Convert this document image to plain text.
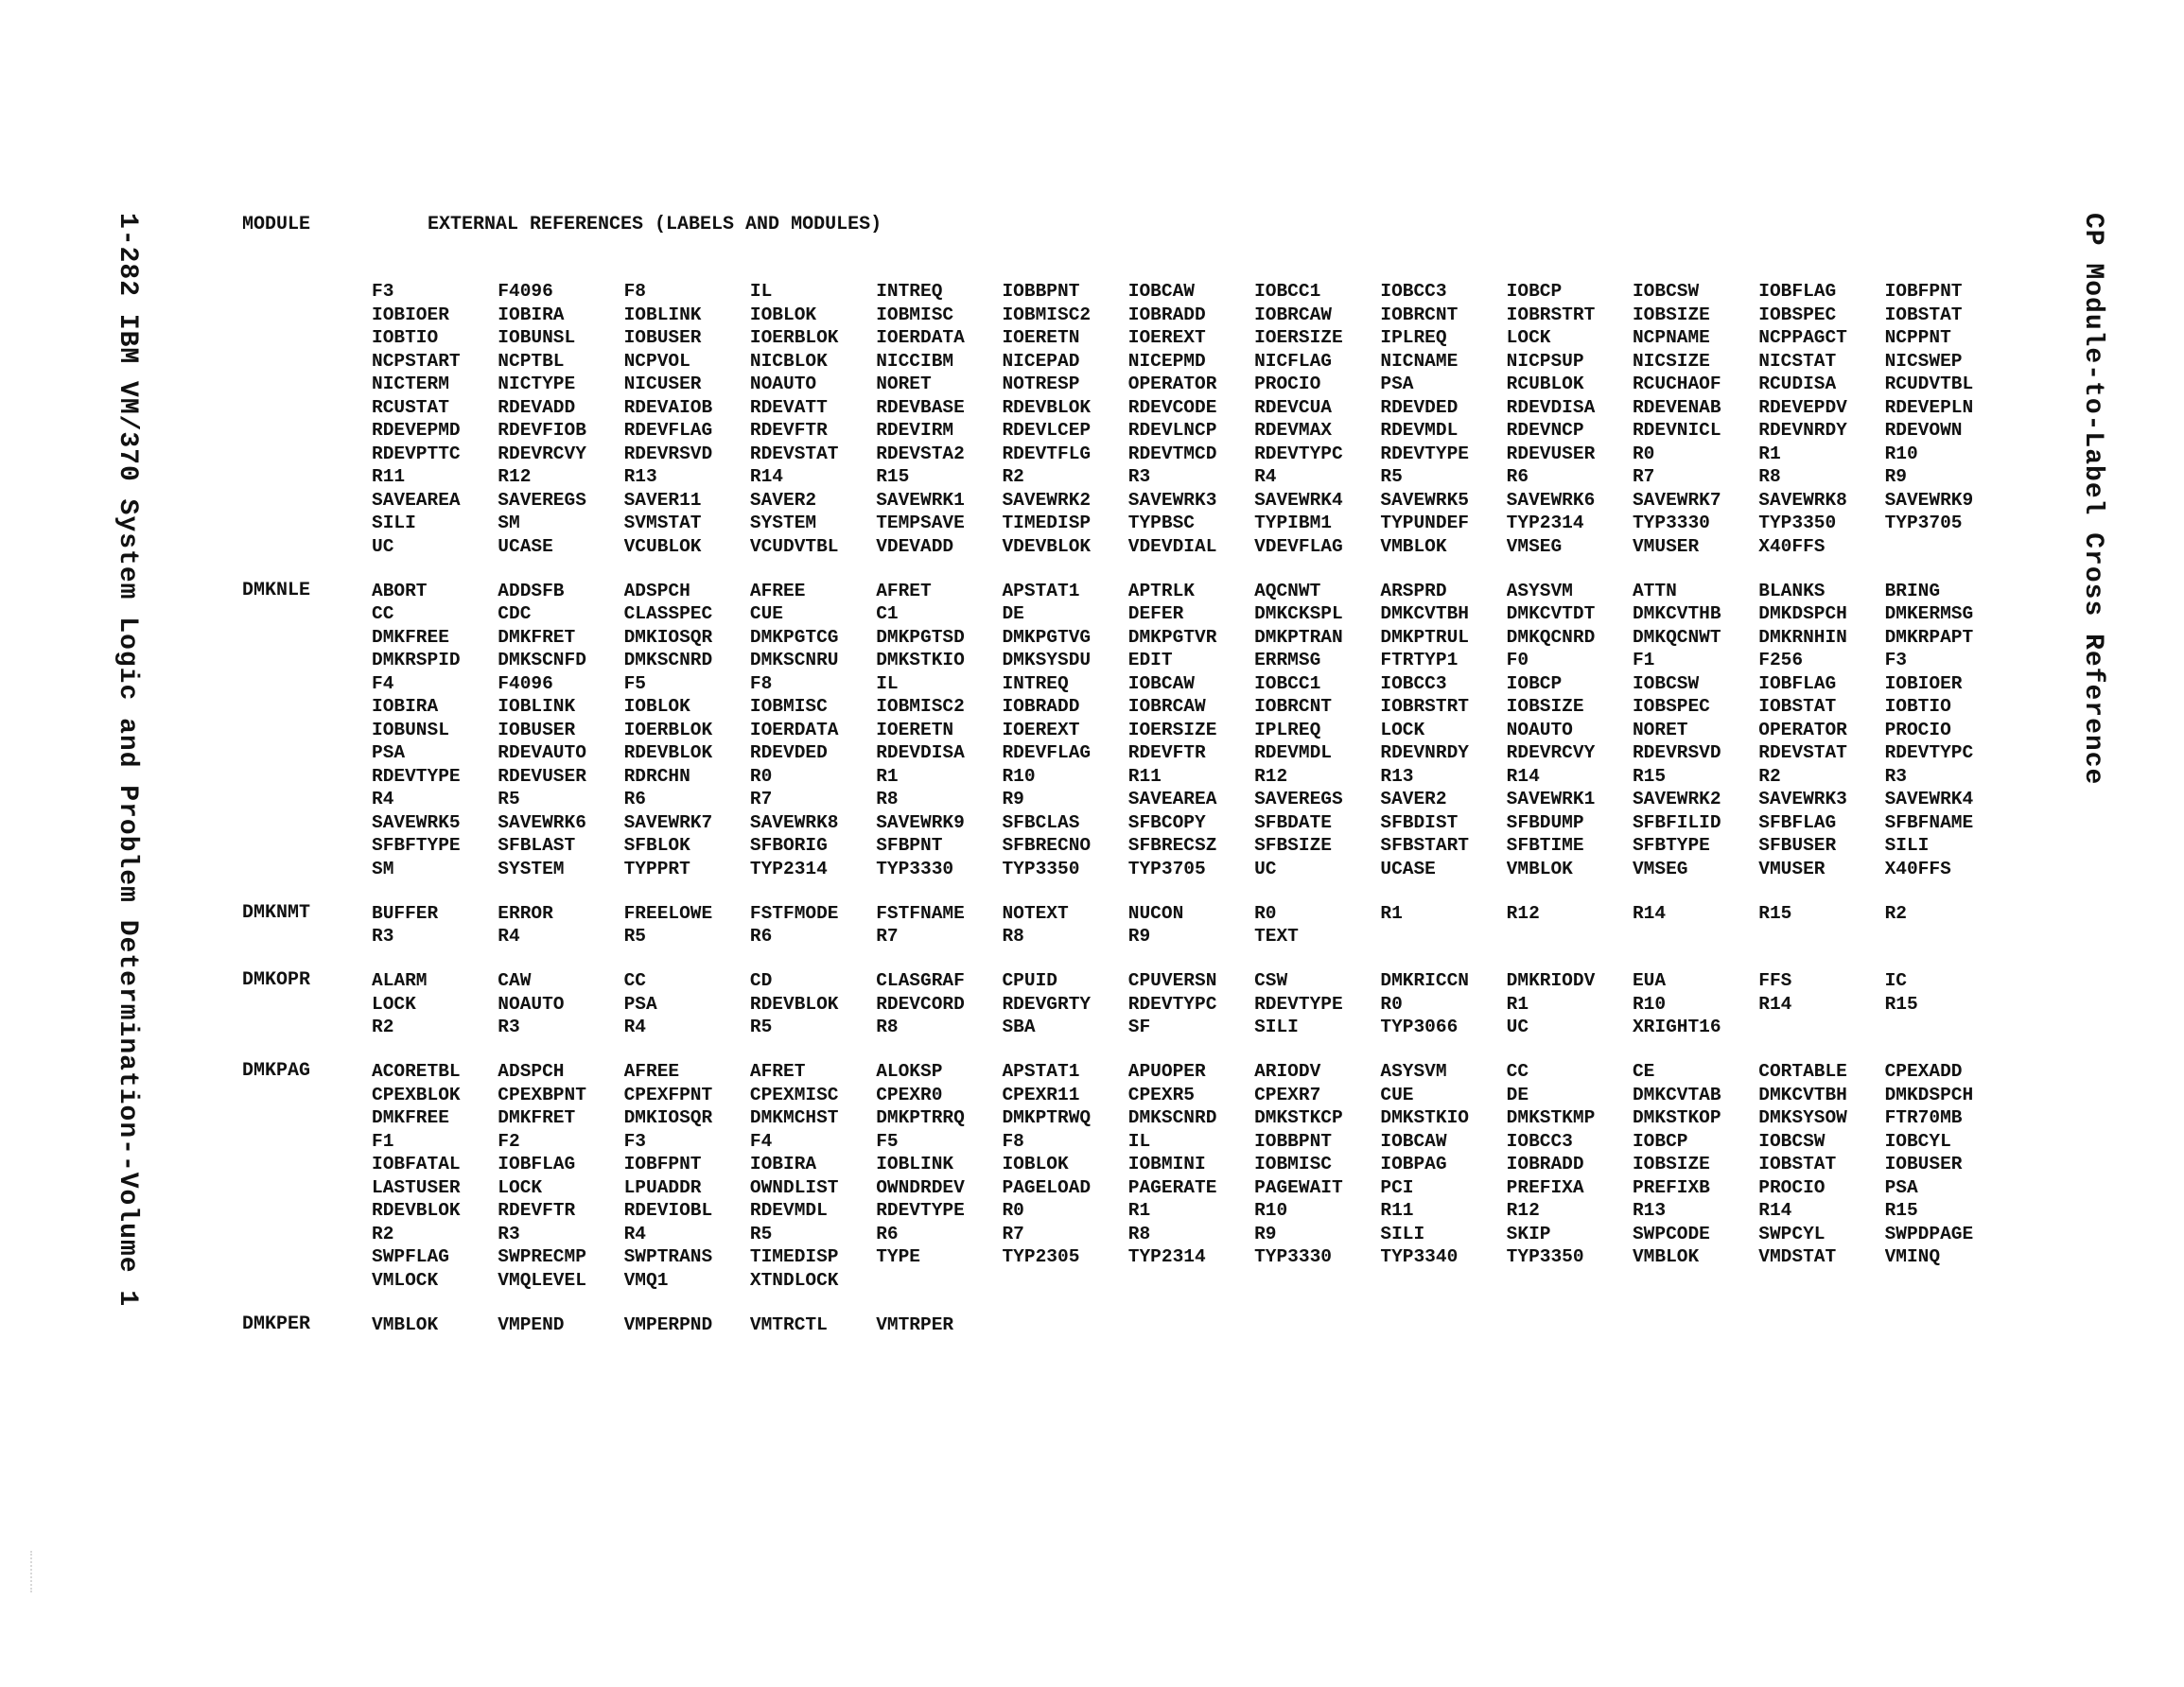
1-282 IBM VM/370 System Logic and Problem Determination--Volume 1	CP Module-to-Label Cross Reference
MODULE	EXTERNAL REFERENCES (LABELS AND MODULES)
F3	F4096	F8	IL	INTREQ	IOBBPNT	IOBCAW	IOBCC1	IOBCC3	IOBCP	IOBCSW	IOBFLAG	IOBFPNT
IOBIOER	IOBIRA	IOBLINK	IOBLOK	IOBMISC	IOBMISC2	IOBRADD	IOBRCAW	IOBRCNT	IOBRSTRT	IOBSIZE	IOBSPEC	IOBSTAT
IOBTIO	IOBUNSL	IOBUSER	IOERBLOK	IOERDATA	IOERETN	IOEREXT	IOERSIZE	IPLREQ	LOCK	NCPNAME	NCPPAGCT	NCPPNT
NCPSTART	NCPTBL	NCPVOL	NICBLOK	NICCIBM	NICEPAD	NICEPMD	NICFLAG	NICNAME	NICPSUP	NICSIZE	NICSTAT	NICSWEP
NICTERM	NICTYPE	NICUSER	NOAUTO	NORET	NOTRESP	OPERATOR	PROCIO	PSA	RCUBLOK	RCUCHAOF	RCUDISA	RCUDVTBL
RCUSTAT	RDEVADD	RDEVAIOB	RDEVATT	RDEVBASE	RDEVBLOK	RDEVCODE	RDEVCUA	RDEVDED	RDEVDISA	RDEVENAB	RDEVEPDV	RDEVEPLN
RDEVEPMD	RDEVFIOB	RDEVFLAG	RDEVFTR	RDEVIRM	RDEVLCEP	RDEVLNCP	RDEVMAX	RDEVMDL	RDEVNCP	RDEVNICL	RDEVNRDY	RDEVOWN
RDEVPTTC	RDEVRCVY	RDEVRSVD	RDEVSTAT	RDEVSTA2	RDEVTFLG	RDEVTMCD	RDEVTYPC	RDEVTYPE	RDEVUSER	R0	R1	R10
R11	R12	R13	R14	R15	R2	R3	R4	R5	R6	R7	R8	R9
SAVEAREA	SAVEREGS	SAVER11	SAVER2	SAVEWRK1	SAVEWRK2	SAVEWRK3	SAVEWRK4	SAVEWRK5	SAVEWRK6	SAVEWRK7	SAVEWRK8	SAVEWRK9
SILI	SM	SVMSTAT	SYSTEM	TEMPSAVE	TIMEDISP	TYPBSC	TYPIBM1	TYPUNDEF	TYP2314	TYP3330	TYP3350	TYP3705
UC	UCASE	VCUBLOK	VCUDVTBL	VDEVADD	VDEVBLOK	VDEVDIAL	VDEVFLAG	VMBLOK	VMSEG	VMUSER	X40FFS
DMKNLE	ABORT	ADDSFB	ADSPCH	AFREE	AFRET	APSTAT1	APTRLK	AQCNWT	ARSPRD	ASYSVM	ATTN	BLANKS	BRING
CC	CDC	CLASSPEC	CUE	C1	DE	DEFER	DMKCKSPL	DMKCVTBH	DMKCVTDT	DMKCVTHB	DMKDSPCH	DMKERMSG
DMKFREE	DMKFRET	DMKIOSQR	DMKPGTCG	DMKPGTSD	DMKPGTVG	DMKPGTVR	DMKPTRAN	DMKPTRUL	DMKQCNRD	DMKQCNWT	DMKRNHIN	DMKRPAPT
DMKRSPID	DMKSCNFD	DMKSCNRD	DMKSCNRU	DMKSTKIO	DMKSYSDU	EDIT	ERRMSG	FTRTYP1	F0	F1	F256	F3
F4	F4096	F5	F8	IL	INTREQ	IOBCAW	IOBCC1	IOBCC3	IOBCP	IOBCSW	IOBFLAG	IOBIOER
IOBIRA	IOBLINK	IOBLOK	IOBMISC	IOBMISC2	IOBRADD	IOBRCAW	IOBRCNT	IOBRSTRT	IOBSIZE	IOBSPEC	IOBSTAT	IOBTIO
IOBUNSL	IOBUSER	IOERBLOK	IOERDATA	IOERETN	IOEREXT	IOERSIZE	IPLREQ	LOCK	NOAUTO	NORET	OPERATOR	PROCIO
PSA	RDEVAUTO	RDEVBLOK	RDEVDED	RDEVDISA	RDEVFLAG	RDEVFTR	RDEVMDL	RDEVNRDY	RDEVRCVY	RDEVRSVD	RDEVSTAT	RDEVTYPC
RDEVTYPE	RDEVUSER	RDRCHN	R0	R1	R10	R11	R12	R13	R14	R15	R2	R3
R4	R5	R6	R7	R8	R9	SAVEAREA	SAVEREGS	SAVER2	SAVEWRK1	SAVEWRK2	SAVEWRK3	SAVEWRK4
SAVEWRK5	SAVEWRK6	SAVEWRK7	SAVEWRK8	SAVEWRK9	SFBCLAS	SFBCOPY	SFBDATE	SFBDIST	SFBDUMP	SFBFILID	SFBFLAG	SFBFNAME
SFBFTYPE	SFBLAST	SFBLOK	SFBORIG	SFBPNT	SFBRECNO	SFBRECSZ	SFBSIZE	SFBSTART	SFBTIME	SFBTYPE	SFBUSER	SILI
SM	SYSTEM	TYPPRT	TYP2314	TYP3330	TYP3350	TYP3705	UC	UCASE	VMBLOK	VMSEG	VMUSER	X40FFS
DMKNMT	BUFFER	ERROR	FREELOWE	FSTFMODE	FSTFNAME	NOTEXT	NUCON	R0	R1	R12	R14	R15	R2
R3	R4	R5	R6	R7	R8	R9	TEXT
DMKOPR	ALARM	CAW	CC	CD	CLASGRAF	CPUID	CPUVERSN	CSW	DMKRICCN	DMKRIODV	EUA	FFS	IC
LOCK	NOAUTO	PSA	RDEVBLOK	RDEVCORD	RDEVGRTY	RDEVTYPC	RDEVTYPE	R0	R1	R10	R14	R15
R2	R3	R4	R5	R8	SBA	SF	SILI	TYP3066	UC	XRIGHT16
DMKPAG	ACORETBL	ADSPCH	AFREE	AFRET	ALOKSP	APSTAT1	APUOPER	ARIODV	ASYSVM	CC	CE	CORTABLE	CPEXADD
CPEXBLOK	CPEXBPNT	CPEXFPNT	CPEXMISC	CPEXR0	CPEXR11	CPEXR5	CPEXR7	CUE	DE	DMKCVTAB	DMKCVTBH	DMKDSPCH
DMKFREE	DMKFRET	DMKIOSQR	DMKMCHST	DMKPTRRQ	DMKPTRWQ	DMKSCNRD	DMKSTKCP	DMKSTKIO	DMKSTKMP	DMKSTKOP	DMKSYSOW	FTR70MB
F1	F2	F3	F4	F5	F8	IL	IOBBPNT	IOBCAW	IOBCC3	IOBCP	IOBCSW	IOBCYL
IOBFATAL	IOBFLAG	IOBFPNT	IOBIRA	IOBLINK	IOBLOK	IOBMINI	IOBMISC	IOBPAG	IOBRADD	IOBSIZE	IOBSTAT	IOBUSER
LASTUSER	LOCK	LPUADDR	OWNDLIST	OWNDRDEV	PAGELOAD	PAGERATE	PAGEWAIT	PCI	PREFIXA	PREFIXB	PROCIO	PSA
RDEVBLOK	RDEVFTR	RDEVIOBL	RDEVMDL	RDEVTYPE	R0	R1	R10	R11	R12	R13	R14	R15
R2	R3	R4	R5	R6	R7	R8	R9	SILI	SKIP	SWPCODE	SWPCYL	SWPDPAGE
SWPFLAG	SWPRECMP	SWPTRANS	TIMEDISP	TYPE	TYP2305	TYP2314	TYP3330	TYP3340	TYP3350	VMBLOK	VMDSTAT	VMINQ
VMLOCK	VMQLEVEL	VMQ1	XTNDLOCK
DMKPER	VMBLOK	VMPEND	VMPERPND	VMTRCTL	VMTRPER
